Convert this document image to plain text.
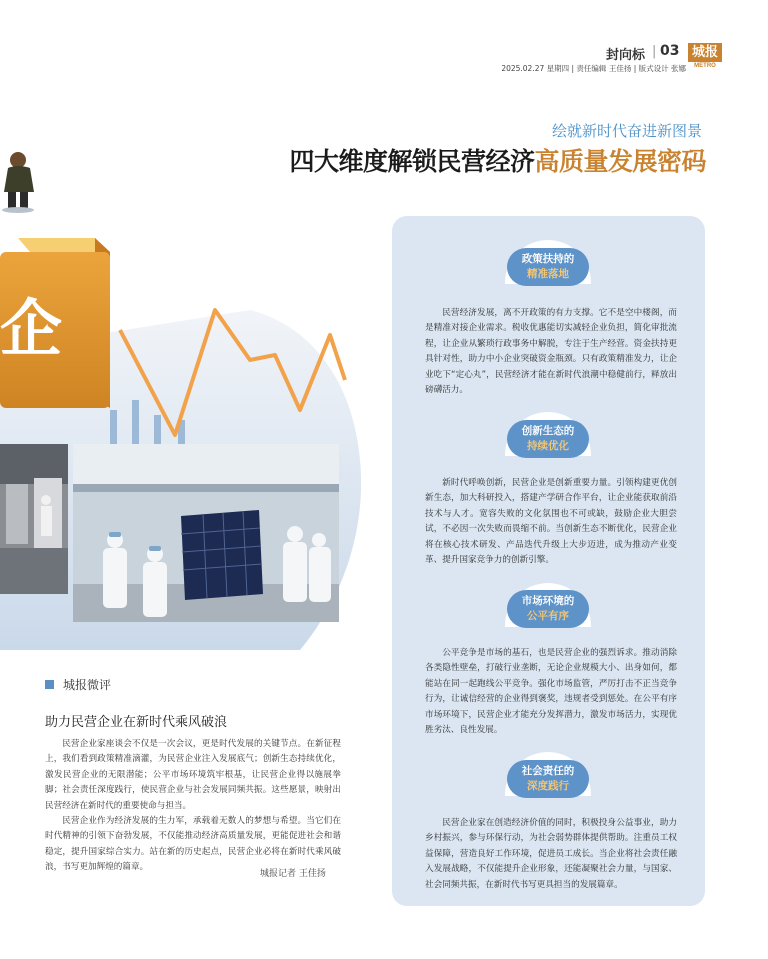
封向标 | 03 城报
METRO
2025.02.27 星期四 | 责任编辑 王佳扬 | 版式设计 张娜
绘就新时代奋进新图景
四大维度解锁民营经济高质量发展密码
企
城报微评
助力民营企业在新时代乘风破浪

民营企业家座谈会不仅是一次会议，更是时代发展的关键节点。在新征程上，我们看到政策精准滴灌，为民营企业注入发展底气；创新生态持续优化，激发民营企业的无限潜能；公平市场环境筑牢根基，让民营企业得以施展拳脚；社会责任深度践行，使民营企业与社会发展同频共振。这些愿景，映射出民营经济在新时代的重要使命与担当。

民营企业作为经济发展的生力军，承载着无数人的梦想与希望。当它们在时代精神的引领下奋勃发展，不仅能推动经济高质量发展，更能促进社会和谐稳定，提升国家综合实力。站在新的历史起点，民营企业必将在新时代乘风破浪，书写更加辉煌的篇章。

城报记者 王佳扬
政策扶持的
精准落地

民营经济发展，离不开政策的有力支撑。它不是空中楼阁，而是精准对接企业需求。税收优惠能切实减轻企业负担，简化审批流程，让企业从繁琐行政事务中解脱，专注于生产经营。资金扶持更具针对性，助力中小企业突破资金瓶颈。只有政策精准发力，让企业吃下“定心丸”，民营经济才能在新时代浪潮中稳健前行，释放出磅礴活力。

创新生态的
持续优化

新时代呼唤创新，民营企业是创新重要力量。引领构建更优创新生态，加大科研投入，搭建产学研合作平台，让企业能获取前沿技术与人才。宽容失败的文化氛围也不可或缺，鼓励企业大胆尝试，不必因一次失败而畏缩不前。当创新生态不断优化，民营企业将在核心技术研发、产品迭代升级上大步迈进，成为推动产业变革、提升国家竞争力的创新引擎。

市场环境的
公平有序

公平竞争是市场的基石，也是民营企业的强烈诉求。推动消除各类隐性壁垒，打破行业垄断，无论企业规模大小、出身如何，都能站在同一起跑线公平竞争。强化市场监管，严厉打击不正当竞争行为，让诚信经营的企业得到褒奖，违规者受到惩处。在公平有序市场环境下，民营企业才能充分发挥潜力，激发市场活力，实现优胜劣汰、良性发展。

社会责任的
深度践行

民营企业家在创造经济价值的同时，积极投身公益事业，助力乡村振兴，参与环保行动，为社会弱势群体提供帮助。注重员工权益保障，营造良好工作环境，促进员工成长。当企业将社会责任融入发展战略，不仅能提升企业形象，还能凝聚社会力量，与国家、社会同频共振，在新时代书写更具担当的发展篇章。
